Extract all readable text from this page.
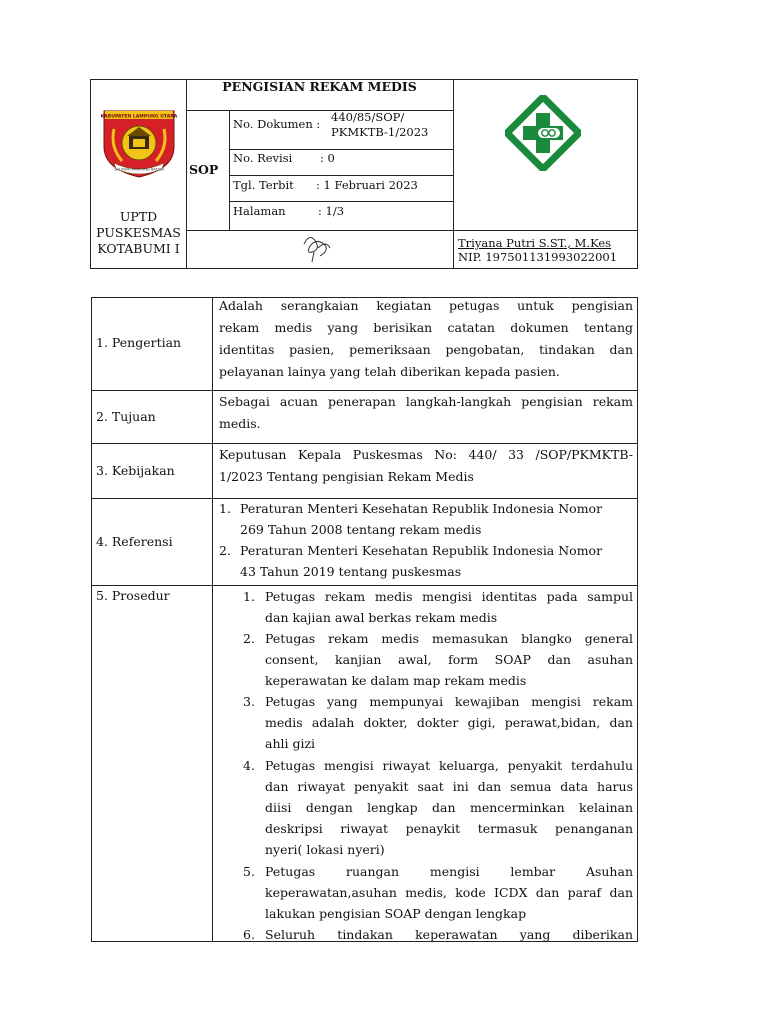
KABUPATEN LAMPUNG UTARA
SAI BUMI KAMPUNG BADAN
UPTD
PUSKESMAS
KOTABUMI I
PENGISIAN REKAM MEDIS
SOP
No. Dokumen : 440/85/SOP/
PKMKTB-1/2023
No. Revisi : 0
Tgl. Terbit : 1 Februari 2023
Halaman	: 1/3
Triyana Putri S.ST., M.Kes
NIP. 197501131993022001
1. Pengertian
Adalah serangkaian kegiatan petugas untuk pengisian
rekam medis yang berisikan catatan dokumen tentang
identitas pasien, pemeriksaan pengobatan, tindakan dan
pelayanan lainya yang telah diberikan kepada pasien.
2. Tujuan
Sebagai acuan penerapan langkah-langkah pengisian rekam
medis.
3. Kebijakan
Keputusan Kepala Puskesmas No: 440/ 33 /SOP/PKMKTB-
1/2023 Tentang pengisian Rekam Medis
4. Referensi
1. Peraturan Menteri Kesehatan Republik Indonesia Nomor
269 Tahun 2008 tentang rekam medis
2. Peraturan Menteri Kesehatan Republik Indonesia Nomor
43 Tahun 2019 tentang puskesmas
5. Prosedur	1. Petugas rekam medis mengisi identitas pada sampul
dan kajian awal berkas rekam medis
2. Petugas rekam medis memasukan blangko general
consent, kanjian awal, form SOAP dan asuhan
keperawatan ke dalam map rekam medis
3. Petugas yang mempunyai kewajiban mengisi rekam
medis adalah dokter, dokter gigi, perawat,bidan, dan
ahli gizi
4. Petugas mengisi riwayat keluarga, penyakit terdahulu
dan riwayat penyakit saat ini dan semua data harus
diisi dengan lengkap dan mencerminkan kelainan
deskripsi riwayat penaykit termasuk penanganan
nyeri( lokasi nyeri)
5. Petugas ruangan mengisi lembar Asuhan
keperawatan,asuhan medis, kode ICDX dan paraf dan
lakukan pengisian SOAP dengan lengkap
6. Seluruh tindakan keperawatan yang diberikan
